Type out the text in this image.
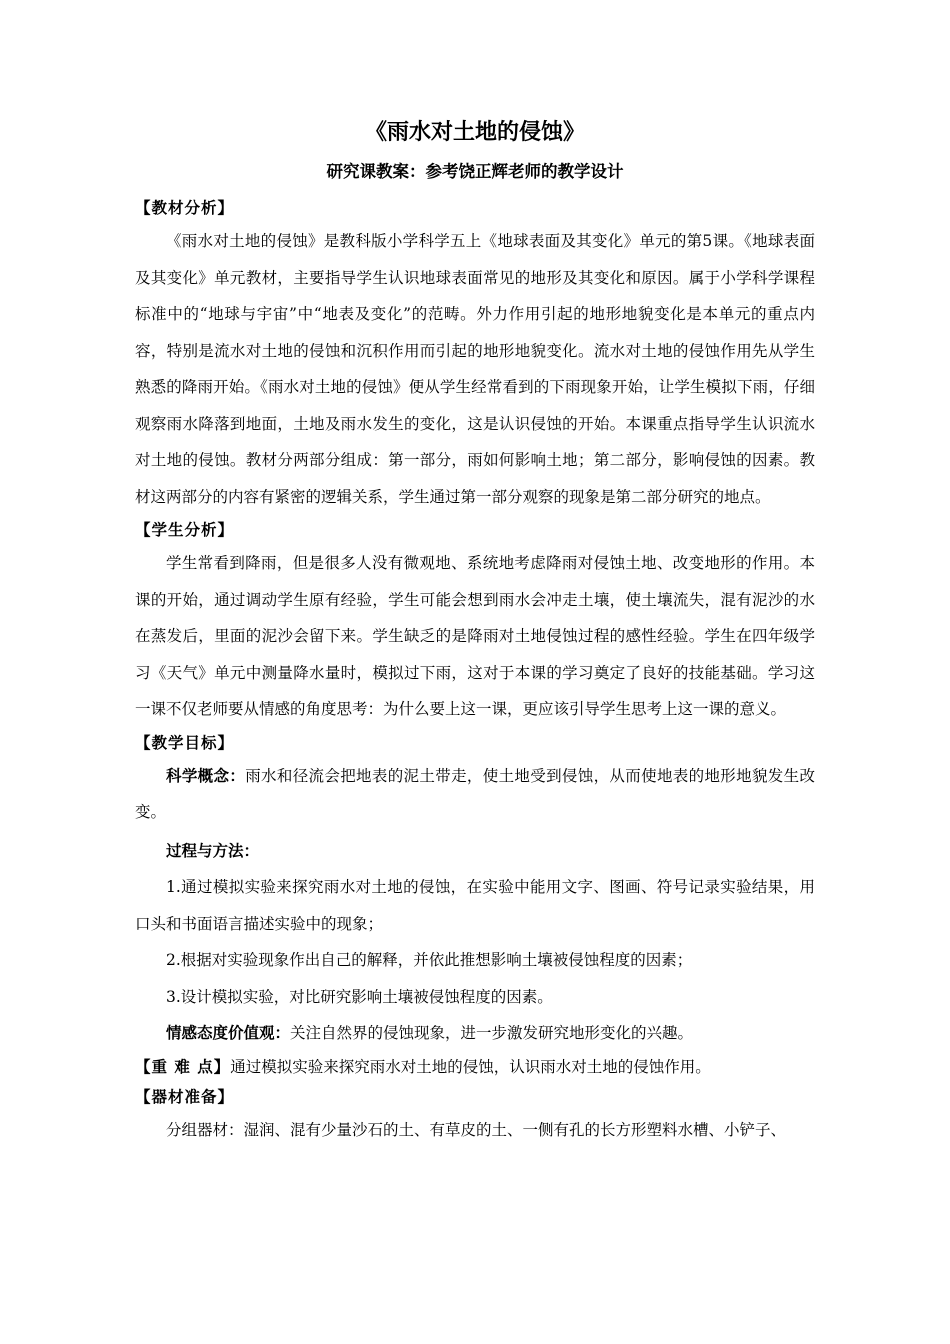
《雨水对土地的侵蚀》
研究课教案：参考饶正辉老师的教学设计

【教材分析】

《雨水对土地的侵蚀》是教科版小学科学五上《地球表面及其变化》单元的第5课。《地球表面及其变化》单元教材，主要指导学生认识地球表面常见的地形及其变化和原因。属于小学科学课程标准中的“地球与宇宙”中“地表及变化”的范畴。外力作用引起的地形地貌变化是本单元的重点内容，特别是流水对土地的侵蚀和沉积作用而引起的地形地貌变化。流水对土地的侵蚀作用先从学生熟悉的降雨开始。《雨水对土地的侵蚀》便从学生经常看到的下雨现象开始，让学生模拟下雨，仔细观察雨水降落到地面，土地及雨水发生的变化，这是认识侵蚀的开始。本课重点指导学生认识流水对土地的侵蚀。教材分两部分组成：第一部分，雨如何影响土地；第二部分，影响侵蚀的因素。教材这两部分的内容有紧密的逻辑关系，学生通过第一部分观察的现象是第二部分研究的地点。

【学生分析】

学生常看到降雨，但是很多人没有微观地、系统地考虑降雨对侵蚀土地、改变地形的作用。本课的开始，通过调动学生原有经验，学生可能会想到雨水会冲走土壤，使土壤流失，混有泥沙的水在蒸发后，里面的泥沙会留下来。学生缺乏的是降雨对土地侵蚀过程的感性经验。学生在四年级学习《天气》单元中测量降水量时，模拟过下雨，这对于本课的学习奠定了良好的技能基础。学习这一课不仅老师要从情感的角度思考：为什么要上这一课，更应该引导学生思考上这一课的意义。

【教学目标】

科学概念：雨水和径流会把地表的泥土带走，使土地受到侵蚀，从而使地表的地形地貌发生改变。

过程与方法：

1.通过模拟实验来探究雨水对土地的侵蚀，在实验中能用文字、图画、符号记录实验结果，用口头和书面语言描述实验中的现象；

2.根据对实验现象作出自己的解释，并依此推想影响土壤被侵蚀程度的因素；

3.设计模拟实验，对比研究影响土壤被侵蚀程度的因素。

情感态度价值观：关注自然界的侵蚀现象，进一步激发研究地形变化的兴趣。

【重 难 点】通过模拟实验来探究雨水对土地的侵蚀，认识雨水对土地的侵蚀作用。

【器材准备】

分组器材：湿润、混有少量沙石的土、有草皮的土、一侧有孔的长方形塑料水槽、小铲子、
